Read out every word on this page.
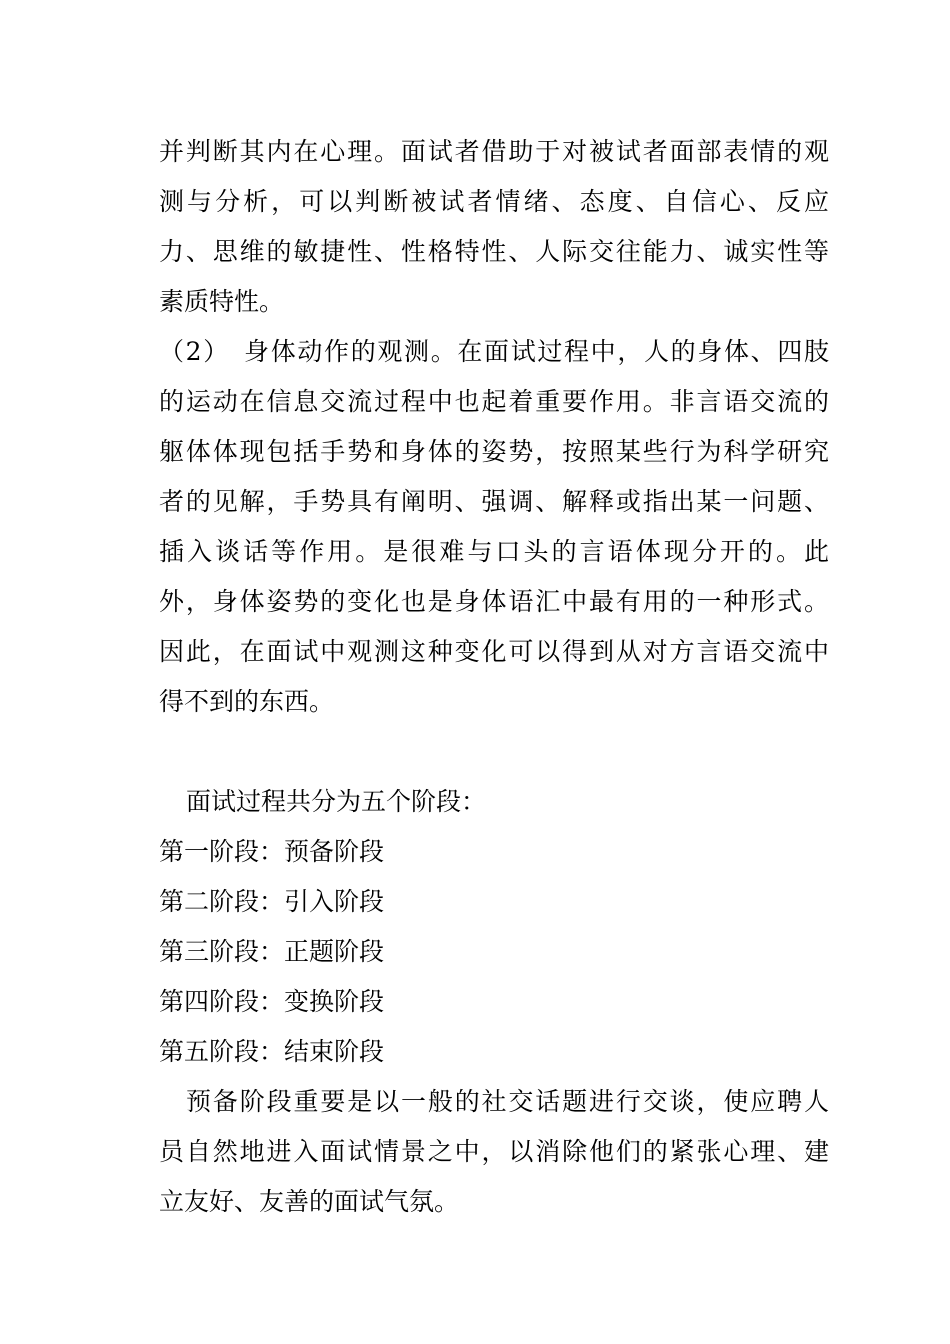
并判断其内在心理。面试者借助于对被试者面部表情的观
测与分析，可以判断被试者情绪、态度、自信心、反应
力、思维的敏捷性、性格特性、人际交往能力、诚实性等
素质特性。
（2）　身体动作的观测。在面试过程中，人的身体、四肢
的运动在信息交流过程中也起着重要作用。非言语交流的
躯体体现包括手势和身体的姿势，按照某些行为科学研究
者的见解，手势具有阐明、强调、解释或指出某一问题、
插入谈话等作用。是很难与口头的言语体现分开的。此
外，身体姿势的变化也是身体语汇中最有用的一种形式。
因此，在面试中观测这种变化可以得到从对方言语交流中
得不到的东西。
面试过程共分为五个阶段：
第一阶段：预备阶段
第二阶段：引入阶段
第三阶段：正题阶段
第四阶段：变换阶段
第五阶段：结束阶段
预备阶段重要是以一般的社交话题进行交谈，使应聘人
员自然地进入面试情景之中，以消除他们的紧张心理、建
立友好、友善的面试气氛。
